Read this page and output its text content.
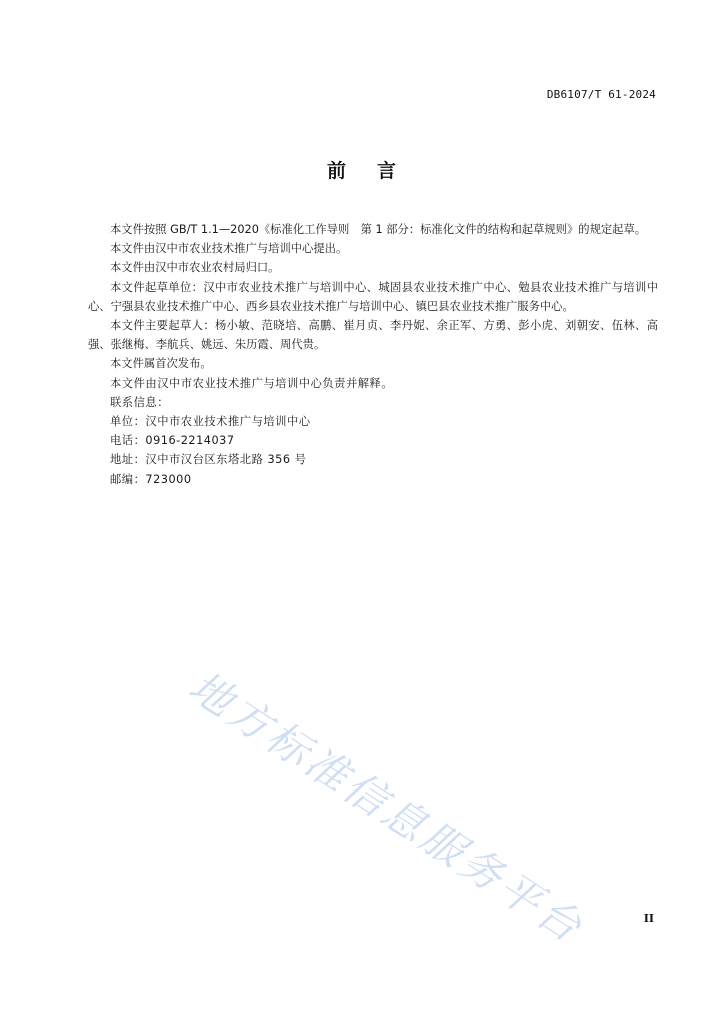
DB6107/T 61-2024
前 言

本文件按照 GB/T 1.1—2020《标准化工作导则　第 1 部分：标准化文件的结构和起草规则》的规定起草。

本文件由汉中市农业技术推广与培训中心提出。

本文件由汉中市农业农村局归口。

本文件起草单位：汉中市农业技术推广与培训中心、城固县农业技术推广中心、勉县农业技术推广与培训中心、宁强县农业技术推广中心、西乡县农业技术推广与培训中心、镇巴县农业技术推广服务中心。

本文件主要起草人：杨小敏、范晓培、高鹏、崔月贞、李丹妮、余正军、方勇、彭小虎、刘朝安、伍林、高强、张继梅、李航兵、姚远、朱历霞、周代贵。

本文件属首次发布。

本文件由汉中市农业技术推广与培训中心负责并解释。

联系信息：

单位：汉中市农业技术推广与培训中心

电话：0916-2214037

地址：汉中市汉台区东塔北路 356 号

邮编：723000

地方标准信息服务平台	II
